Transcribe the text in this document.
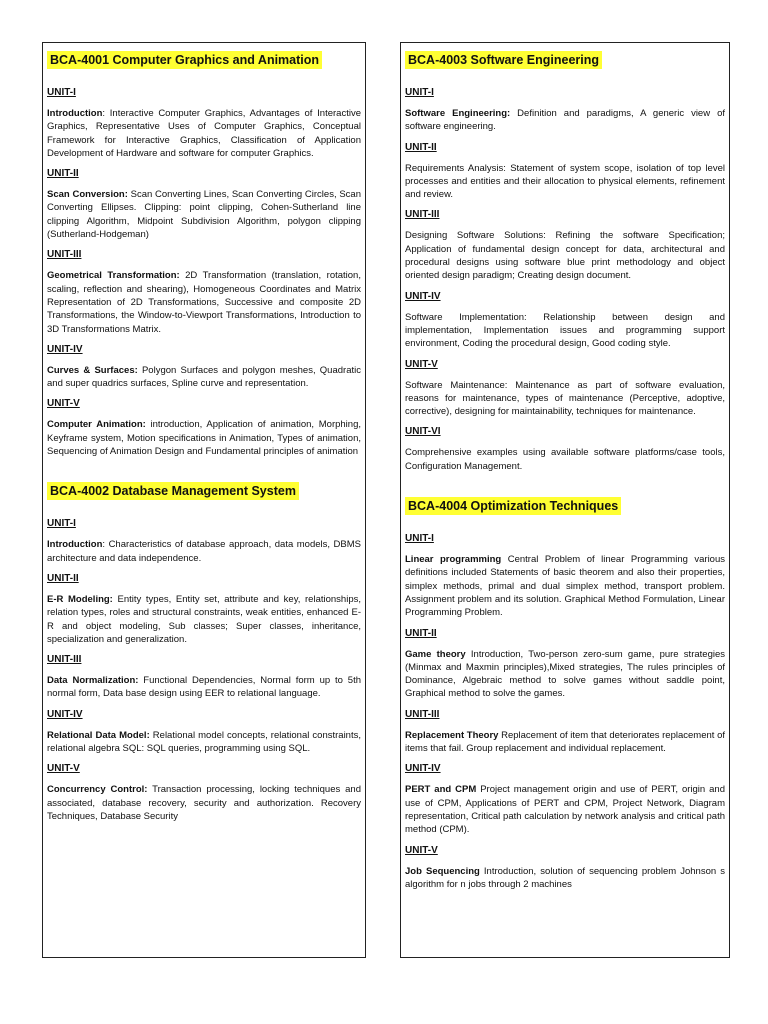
BCA-4001 Computer Graphics and Animation
UNIT-I
Introduction: Interactive Computer Graphics, Advantages of Interactive Graphics, Representative Uses of Computer Graphics, Conceptual Framework for Interactive Graphics, Classification of Application Development of Hardware and software for computer Graphics.
UNIT-II
Scan Conversion: Scan Converting Lines, Scan Converting Circles, Scan Converting Ellipses. Clipping: point clipping, Cohen-Sutherland line clipping Algorithm, Midpoint Subdivision Algorithm, polygon clipping (Sutherland-Hodgeman)
UNIT-III
Geometrical Transformation: 2D Transformation (translation, rotation, scaling, reflection and shearing), Homogeneous Coordinates and Matrix Representation of 2D Transformations, Successive and composite 2D Transformations, the Window-to-Viewport Transformations, Introduction to 3D Transformations Matrix.
UNIT-IV
Curves & Surfaces: Polygon Surfaces and polygon meshes, Quadratic and super quadrics surfaces, Spline curve and representation.
UNIT-V
Computer Animation: introduction, Application of animation, Morphing, Keyframe system, Motion specifications in Animation, Types of animation, Sequencing of Animation Design and Fundamental principles of animation
BCA-4002 Database Management System
UNIT-I
Introduction: Characteristics of database approach, data models, DBMS architecture and data independence.
UNIT-II
E-R Modeling: Entity types, Entity set, attribute and key, relationships, relation types, roles and structural constraints, weak entities, enhanced E-R and object modeling, Sub classes; Super classes, inheritance, specialization and generalization.
UNIT-III
Data Normalization: Functional Dependencies, Normal form up to 5th normal form, Data base design using EER to relational language.
UNIT-IV
Relational Data Model: Relational model concepts, relational constraints, relational algebra SQL: SQL queries, programming using SQL.
UNIT-V
Concurrency Control: Transaction processing, locking techniques and associated, database recovery, security and authorization. Recovery Techniques, Database Security
BCA-4003 Software Engineering
UNIT-I
Software Engineering: Definition and paradigms, A generic view of software engineering.
UNIT-II
Requirements Analysis: Statement of system scope, isolation of top level processes and entities and their allocation to physical elements, refinement and review.
UNIT-III
Designing Software Solutions: Refining the software Specification; Application of fundamental design concept for data, architectural and procedural designs using software blue print methodology and object oriented design paradigm; Creating design document.
UNIT-IV
Software Implementation: Relationship between design and implementation, Implementation issues and programming support environment, Coding the procedural design, Good coding style.
UNIT-V
Software Maintenance: Maintenance as part of software evaluation, reasons for maintenance, types of maintenance (Perceptive, adoptive, corrective), designing for maintainability, techniques for maintenance.
UNIT-VI
Comprehensive examples using available software platforms/case tools, Configuration Management.
BCA-4004 Optimization Techniques
UNIT-I
Linear programming Central Problem of linear Programming various definitions included Statements of basic theorem and also their properties, simplex methods, primal and dual simplex method, transport problem. Assignment problem and its solution. Graphical Method Formulation, Linear Programming Problem.
UNIT-II
Game theory Introduction, Two-person zero-sum game, pure strategies (Minmax and Maxmin principles),Mixed strategies, The rules principles of Dominance, Algebraic method to solve games without saddle point, Graphical method to solve the games.
UNIT-III
Replacement Theory Replacement of item that deteriorates replacement of items that fail. Group replacement and individual replacement.
UNIT-IV
PERT and CPM Project management origin and use of PERT, origin and use of CPM, Applications of PERT and CPM, Project Network, Diagram representation, Critical path calculation by network analysis and critical path method (CPM).
UNIT-V
Job Sequencing Introduction, solution of sequencing problem Johnson s algorithm for n jobs through 2 machines
